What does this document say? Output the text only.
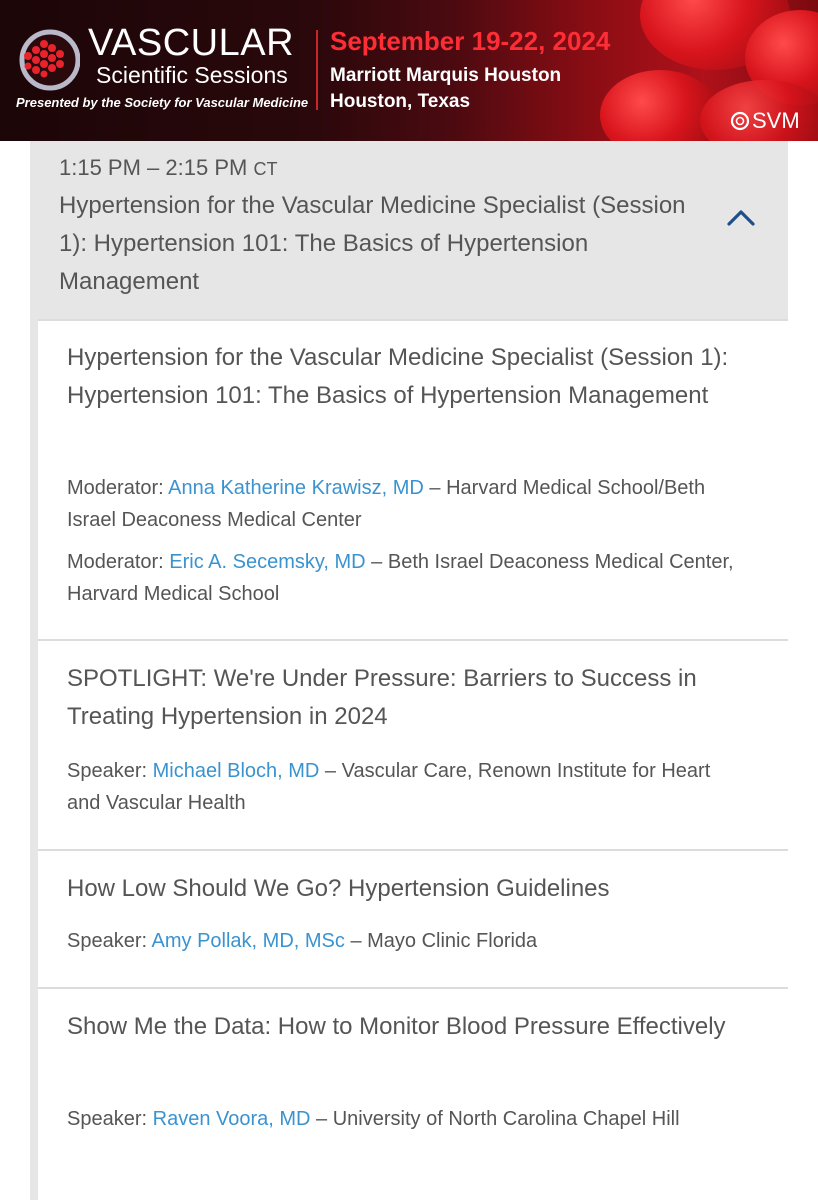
VASCULAR
Scientific Sessions
Presented by the Society for Vascular Medicine
September 19-22, 2024
Marriott Marquis Houston
Houston, Texas
SVM
1:15 PM – 2:15 PM CT
Hypertension for the Vascular Medicine Specialist (Session 1): Hypertension 101: The Basics of Hypertension Management
Hypertension for the Vascular Medicine Specialist (Session 1): Hypertension 101: The Basics of Hypertension Management
Moderator: Anna Katherine Krawisz, MD – Harvard Medical School/Beth Israel Deaconess Medical Center
Moderator: Eric A. Secemsky, MD – Beth Israel Deaconess Medical Center, Harvard Medical School
SPOTLIGHT: We're Under Pressure: Barriers to Success in Treating Hypertension in 2024
Speaker: Michael Bloch, MD – Vascular Care, Renown Institute for Heart and Vascular Health
How Low Should We Go? Hypertension Guidelines
Speaker: Amy Pollak, MD, MSc – Mayo Clinic Florida
Show Me the Data: How to Monitor Blood Pressure Effectively
Speaker: Raven Voora, MD – University of North Carolina Chapel Hill
